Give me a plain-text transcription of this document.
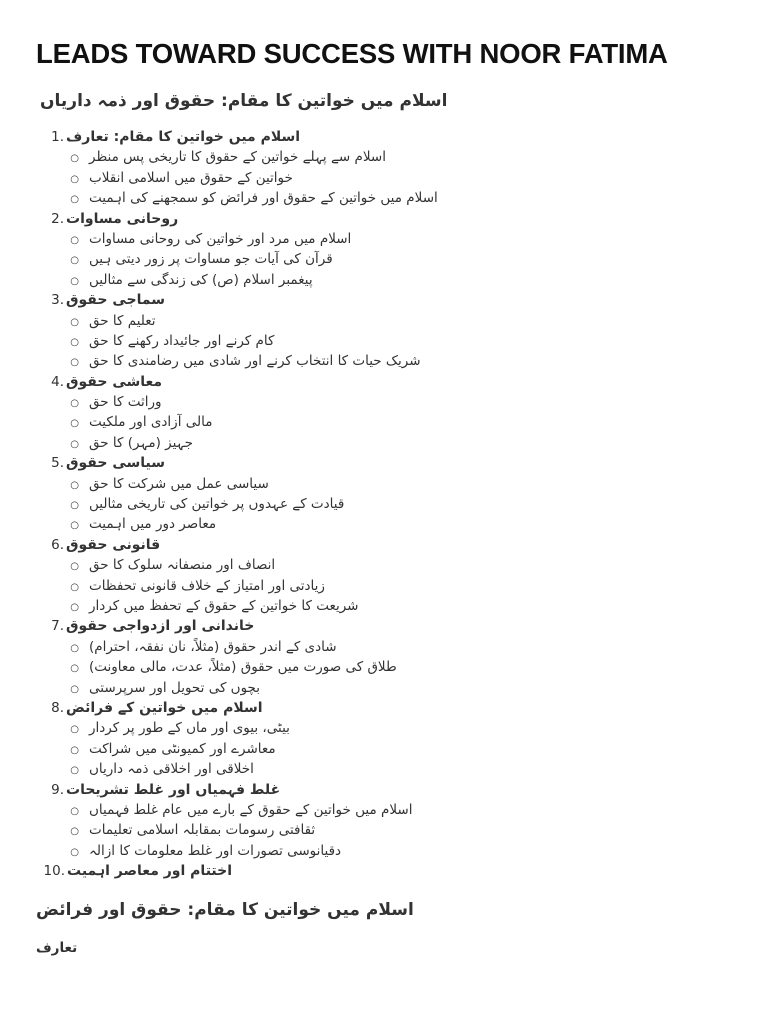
LEADS TOWARD SUCCESS WITH NOOR FATIMA
اسلام میں خواتین کا مقام: حقوق اور ذمہ داریاں
1. اسلام میں خواتین کا مقام: تعارف
○ اسلام سے پہلے خواتین کے حقوق کا تاریخی پس منظر
○ خواتین کے حقوق میں اسلامی انقلاب
○ اسلام میں خواتین کے حقوق اور فرائض کو سمجھنے کی اہمیت
2. روحانی مساوات
○ اسلام میں مرد اور خواتین کی روحانی مساوات
○ قرآن کی آیات جو مساوات پر زور دیتی ہیں
○ پیغمبر اسلام (ص) کی زندگی سے مثالیں
3. سماجی حقوق
○ تعلیم کا حق
○ کام کرنے اور جائیداد رکھنے کا حق
○ شریک حیات کا انتخاب کرنے اور شادی میں رضامندی کا حق
4. معاشی حقوق
○ وراثت کا حق
○ مالی آزادی اور ملکیت
○ جہیز (مہر) کا حق
5. سیاسی حقوق
○ سیاسی عمل میں شرکت کا حق
○ قیادت کے عہدوں پر خواتین کی تاریخی مثالیں
○ معاصر دور میں اہمیت
6. قانونی حقوق
○ انصاف اور منصفانہ سلوک کا حق
○ زیادتی اور امتیاز کے خلاف قانونی تحفظات
○ شریعت کا خواتین کے حقوق کے تحفظ میں کردار
7. خاندانی اور ازدواجی حقوق
○ شادی کے اندر حقوق (مثلاً، نان نفقہ، احترام)
○ طلاق کی صورت میں حقوق (مثلاً، عدت، مالی معاونت)
○ بچوں کی تحویل اور سرپرستی
8. اسلام میں خواتین کے فرائض
○ بیٹی، بیوی اور ماں کے طور پر کردار
○ معاشرے اور کمیونٹی میں شراکت
○ اخلاقی اور اخلاقی ذمہ داریاں
9. غلط فہمیاں اور غلط تشریحات
○ اسلام میں خواتین کے حقوق کے بارے میں عام غلط فہمیاں
○ ثقافتی رسومات بمقابلہ اسلامی تعلیمات
○ دقیانوسی تصورات اور غلط معلومات کا ازالہ
10. اختتام اور معاصر اہمیت
اسلام میں خواتین کا مقام: حقوق اور فرائض
تعارف
